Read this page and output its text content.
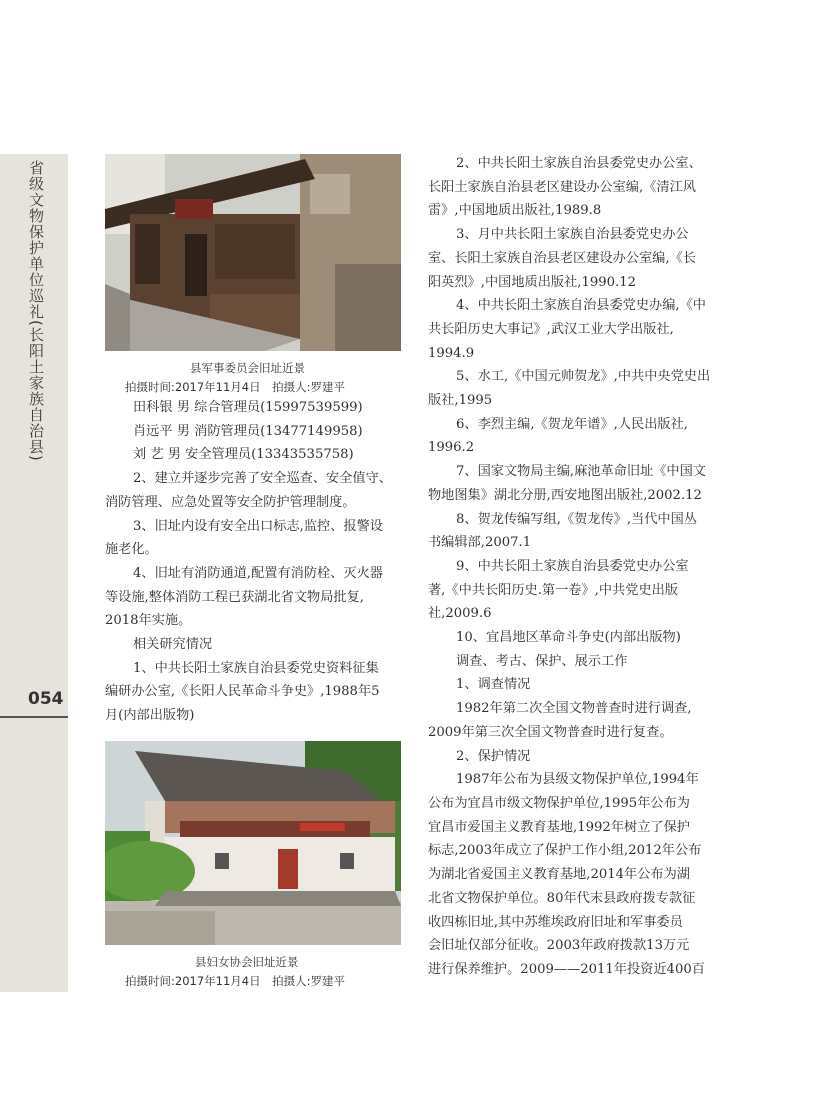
省级文物保护单位巡礼(长阳土家族自治县)
054
县军事委员会旧址近景
拍摄时间:2017年11月4日　拍摄人:罗建平

田科银 男 综合管理员(15997539599)

肖远平 男 消防管理员(13477149958)

刘 艺 男 安全管理员(13343535758)

2、建立并逐步完善了安全巡查、安全值守、

消防管理、应急处置等安全防护管理制度。

3、旧址内设有安全出口标志,监控、报警设

施老化。

4、旧址有消防通道,配置有消防栓、灭火器

等设施,整体消防工程已获湖北省文物局批复,

2018年实施。

相关研究情况

1、中共长阳土家族自治县委党史资料征集

编研办公室,《长阳人民革命斗争史》,1988年5

月(内部出版物)

县妇女协会旧址近景
拍摄时间:2017年11月4日　拍摄人:罗建平

2、中共长阳土家族自治县委党史办公室、

长阳土家族自治县老区建设办公室编,《清江风

雷》,中国地质出版社,1989.8

3、月中共长阳土家族自治县委党史办公

室、长阳土家族自治县老区建设办公室编,《长

阳英烈》,中国地质出版社,1990.12

4、中共长阳土家族自治县委党史办编,《中

共长阳历史大事记》,武汉工业大学出版社,

1994.9

5、水工,《中国元帅贺龙》,中共中央党史出

版社,1995

6、李烈主编,《贺龙年谱》,人民出版社,

1996.2

7、国家文物局主编,麻池革命旧址《中国文

物地图集》湖北分册,西安地图出版社,2002.12

8、贺龙传编写组,《贺龙传》,当代中国丛

书编辑部,2007.1

9、中共长阳土家族自治县委党史办公室

著,《中共长阳历史.第一卷》,中共党史出版

社,2009.6

10、宜昌地区革命斗争史(内部出版物)

调查、考古、保护、展示工作

1、调查情况

1982年第二次全国文物普查时进行调查,

2009年第三次全国文物普查时进行复查。

2、保护情况

1987年公布为县级文物保护单位,1994年

公布为宜昌市级文物保护单位,1995年公布为

宜昌市爱国主义教育基地,1992年树立了保护

标志,2003年成立了保护工作小组,2012年公布

为湖北省爱国主义教育基地,2014年公布为湖

北省文物保护单位。80年代末县政府拨专款征

收四栋旧址,其中苏维埃政府旧址和军事委员

会旧址仅部分征收。2003年政府拨款13万元

进行保养维护。2009——2011年投资近400百
